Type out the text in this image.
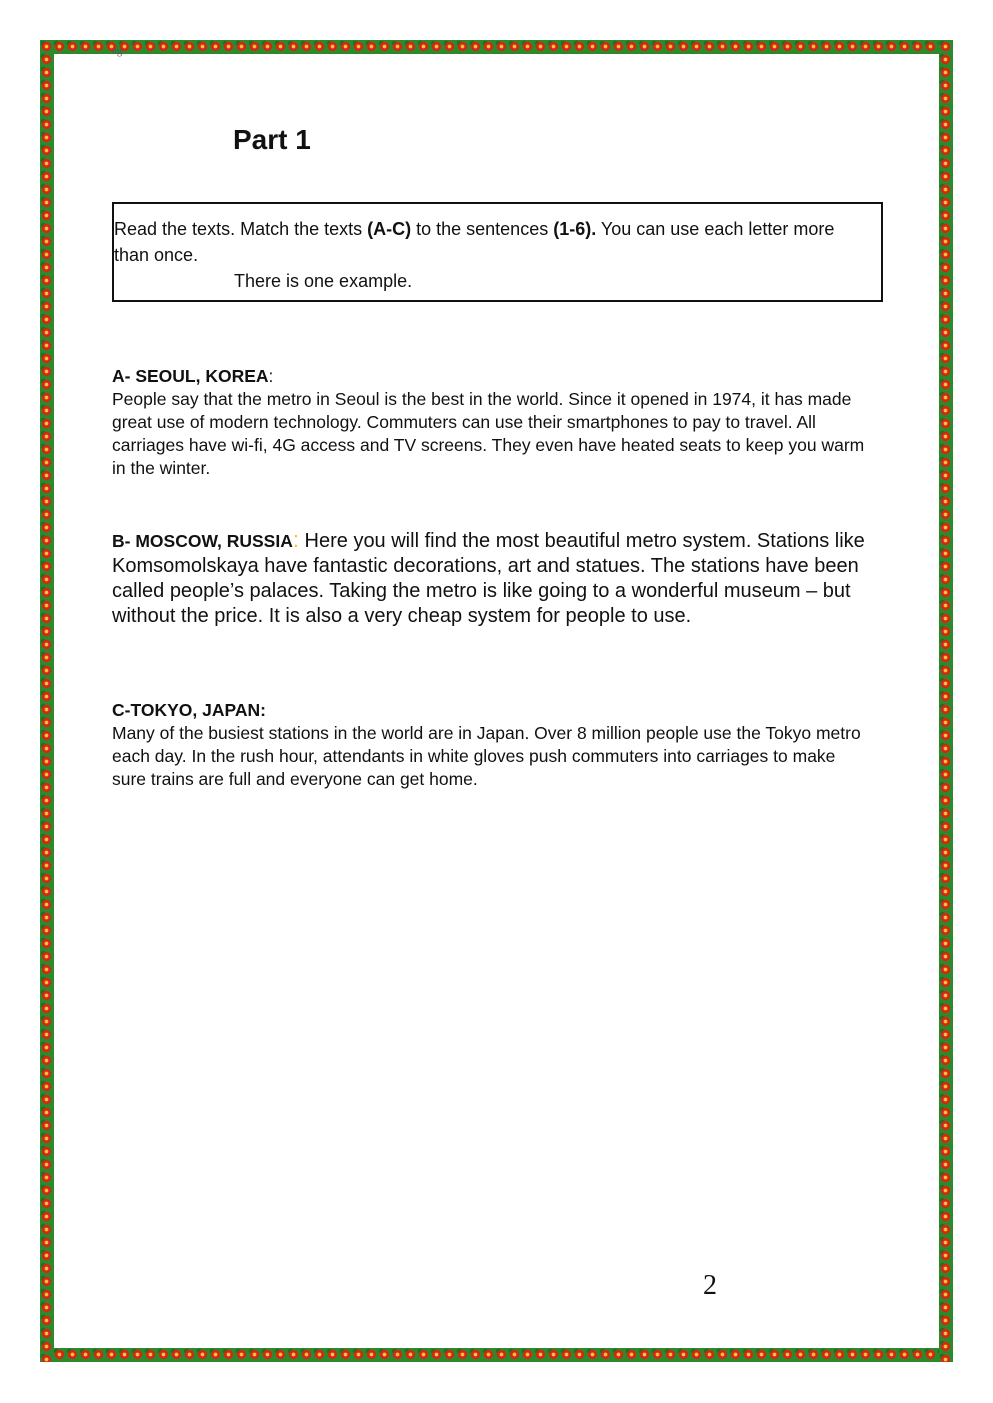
ng
Part 1
Read the texts. Match the texts (A-C) to the sentences (1-6). You can use each letter more than once.
There is one example.
A- SEOUL, KOREA:
People say that the metro in Seoul is the best in the world. Since it opened in 1974, it has made great use of modern technology. Commuters can use their smartphones to pay to travel. All carriages have wi-fi, 4G access and TV screens. They even have heated seats to keep you warm in the winter.
B- MOSCOW, RUSSIA: Here you will find the most beautiful metro system. Stations like Komsomolskaya have fantastic decorations, art and statues. The stations have been called people’s palaces. Taking the metro is like going to a wonderful museum – but without the price. It is also a very cheap system for people to use.
C-TOKYO, JAPAN:
Many of the busiest stations in the world are in Japan. Over 8 million people use the Tokyo metro each day. In the rush hour, attendants in white gloves push commuters into carriages to make sure trains are full and everyone can get home.
2
